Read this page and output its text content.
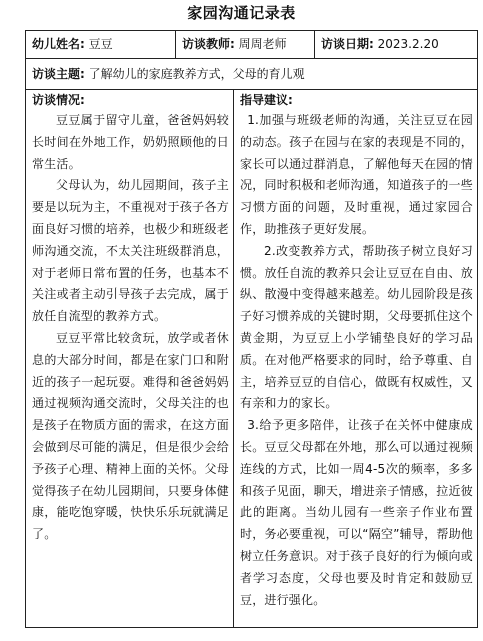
家园沟通记录表
幼儿姓名: 豆豆	访谈教师: 周周老师	访谈日期: 2023.2.20
访谈主题: 了解幼儿的家庭教养方式，父母的育儿观
访谈情况:

豆豆属于留守儿童，爸爸妈妈较长时间在外地工作，奶奶照顾他的日常生活。

父母认为，幼儿园期间，孩子主要是以玩为主，不重视对于孩子各方面良好习惯的培养，也极少和班级老师沟通交流，不太关注班级群消息，对于老师日常布置的任务，也基本不关注或者主动引导孩子去完成，属于放任自流型的教养方式。

豆豆平常比较贪玩，放学或者休息的大部分时间，都是在家门口和附近的孩子一起玩耍。难得和爸爸妈妈通过视频沟通交流时，父母关注的也是孩子在物质方面的需求，在这方面会做到尽可能的满足，但是很少会给予孩子心理、精神上面的关怀。父母觉得孩子在幼儿园期间，只要身体健康，能吃饱穿暖，快快乐乐玩就满足了。

指导建议:

1.加强与班级老师的沟通，关注豆豆在园的动态。孩子在园与在家的表现是不同的，家长可以通过群消息，了解他每天在园的情况，同时积极和老师沟通，知道孩子的一些习惯方面的问题，及时重视，通过家园合作，助推孩子更好发展。

2.改变教养方式，帮助孩子树立良好习惯。放任自流的教养只会让豆豆在自由、放纵、散漫中变得越来越差。幼儿园阶段是孩子好习惯养成的关键时期，父母要抓住这个黄金期，为豆豆上小学铺垫良好的学习品质。在对他严格要求的同时，给予尊重、自主，培养豆豆的自信心，做既有权威性，又有亲和力的家长。

3.给予更多陪伴，让孩子在关怀中健康成长。豆豆父母都在外地，那么可以通过视频连线的方式，比如一周4-5次的频率，多多和孩子见面，聊天，增进亲子情感，拉近彼此的距离。当幼儿园有一些亲子作业布置时，务必要重视，可以“隔空”辅导，帮助他树立任务意识。对于孩子良好的行为倾向或者学习态度，父母也要及时肯定和鼓励豆豆，进行强化。
